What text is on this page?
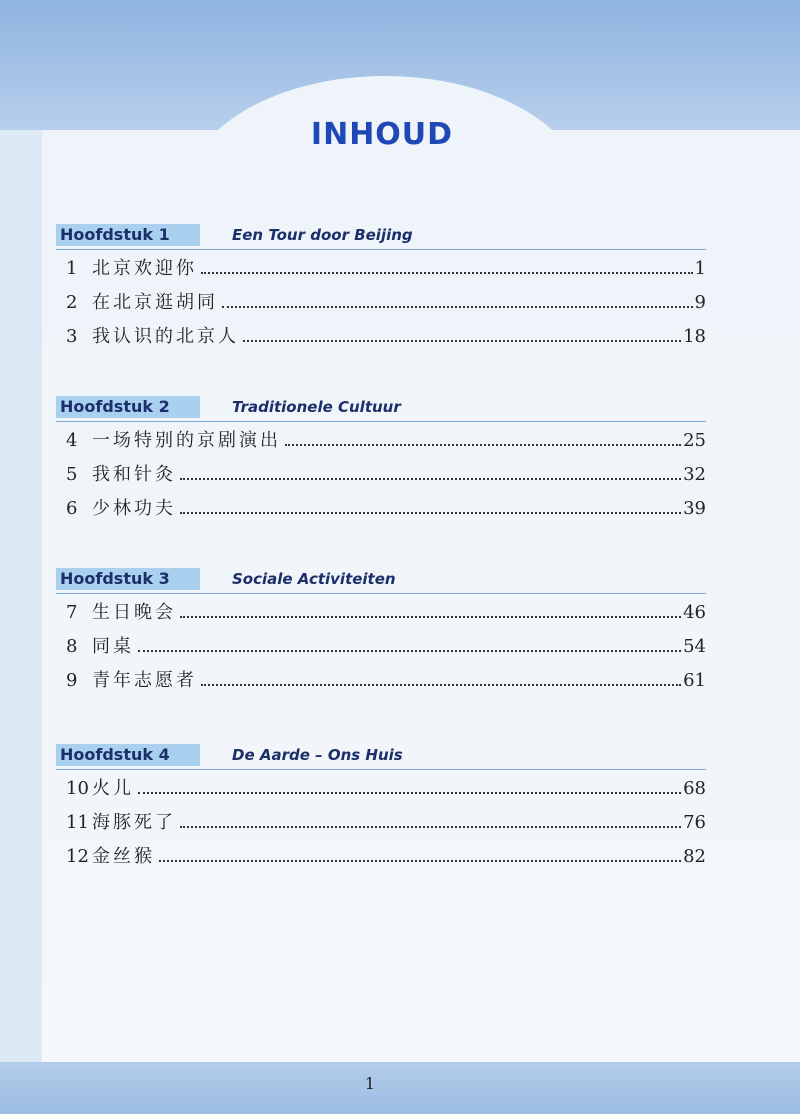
INHOUD
Hoofdstuk 1	Een Tour door Beijing
1 北京欢迎你	1
2 在北京逛胡同	9
3 我认识的北京人	18
Hoofdstuk 2	Traditionele Cultuur
4 一场特别的京剧演出	25
5 我和针灸	32
6 少林功夫	39
Hoofdstuk 3	Sociale Activiteiten
7 生日晚会	46
8 同桌	54
9 青年志愿者	61
Hoofdstuk 4	De Aarde – Ons Huis
10 火儿	68
11 海豚死了	76
12 金丝猴	82
1
